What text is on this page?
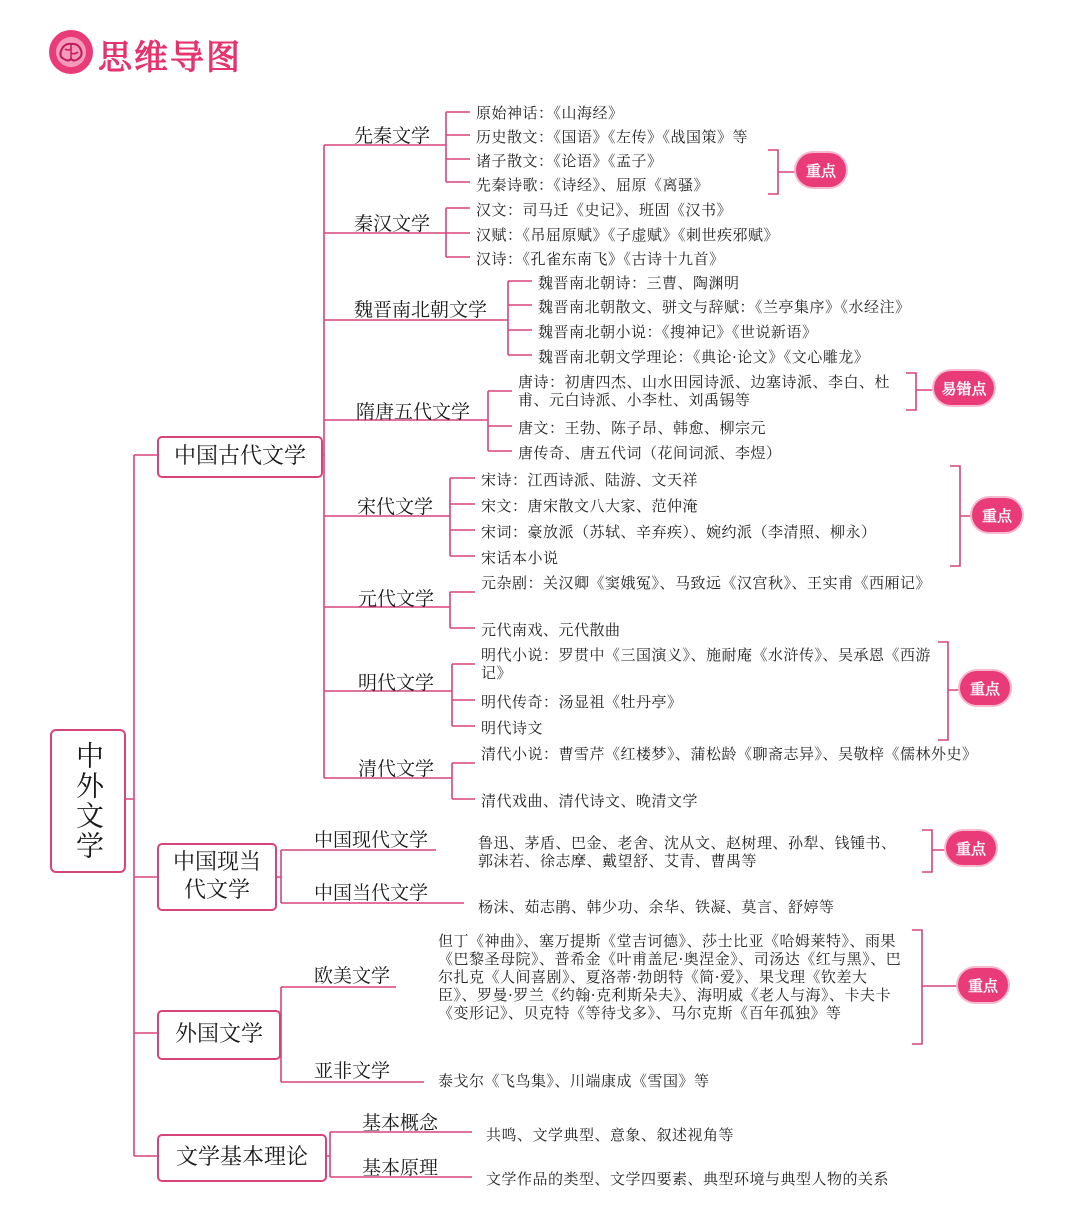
思维导图
中外文学
中国古代文学
中国现当代文学
外国文学
文学基本理论
先秦文学
秦汉文学
魏晋南北朝文学
隋唐五代文学
宋代文学
元代文学
明代文学
清代文学
中国现代文学
中国当代文学
欧美文学
亚非文学
基本概念
基本原理
原始神话：《山海经》
历史散文：《国语》《左传》《战国策》等
诸子散文：《论语》《孟子》
先秦诗歌：《诗经》、屈原《离骚》
汉文：司马迁《史记》、班固《汉书》
汉赋：《吊屈原赋》《子虚赋》《刺世疾邪赋》
汉诗：《孔雀东南飞》《古诗十九首》
魏晋南北朝诗：三曹、陶渊明
魏晋南北朝散文、骈文与辞赋：《兰亭集序》《水经注》
魏晋南北朝小说：《搜神记》《世说新语》
魏晋南北朝文学理论：《典论·论文》《文心雕龙》
唐诗：初唐四杰、山水田园诗派、边塞诗派、李白、杜甫、元白诗派、小李杜、刘禹锡等
唐文：王勃、陈子昂、韩愈、柳宗元
唐传奇、唐五代词（花间词派、李煜）
宋诗：江西诗派、陆游、文天祥
宋文：唐宋散文八大家、范仲淹
宋词：豪放派（苏轼、辛弃疾）、婉约派（李清照、柳永）
宋话本小说
元杂剧：关汉卿《窦娥冤》、马致远《汉宫秋》、王实甫《西厢记》
元代南戏、元代散曲
明代小说：罗贯中《三国演义》、施耐庵《水浒传》、吴承恩《西游记》
明代传奇：汤显祖《牡丹亭》
明代诗文
清代小说：曹雪芹《红楼梦》、蒲松龄《聊斋志异》、吴敬梓《儒林外史》
清代戏曲、清代诗文、晚清文学
鲁迅、茅盾、巴金、老舍、沈从文、赵树理、孙犁、钱锺书、郭沫若、徐志摩、戴望舒、艾青、曹禺等
杨沫、茹志鹃、韩少功、余华、铁凝、莫言、舒婷等
但丁《神曲》、塞万提斯《堂吉诃德》、莎士比亚《哈姆莱特》、雨果《巴黎圣母院》、普希金《叶甫盖尼·奥涅金》、司汤达《红与黑》、巴尔扎克《人间喜剧》、夏洛蒂·勃朗特《简·爱》、果戈理《钦差大臣》、罗曼·罗兰《约翰·克利斯朵夫》、海明威《老人与海》、卡夫卡《变形记》、贝克特《等待戈多》、马尔克斯《百年孤独》等
泰戈尔《飞鸟集》、川端康成《雪国》等
共鸣、文学典型、意象、叙述视角等
文学作品的类型、文学四要素、典型环境与典型人物的关系
重点
易错点
重点
重点
重点
重点
